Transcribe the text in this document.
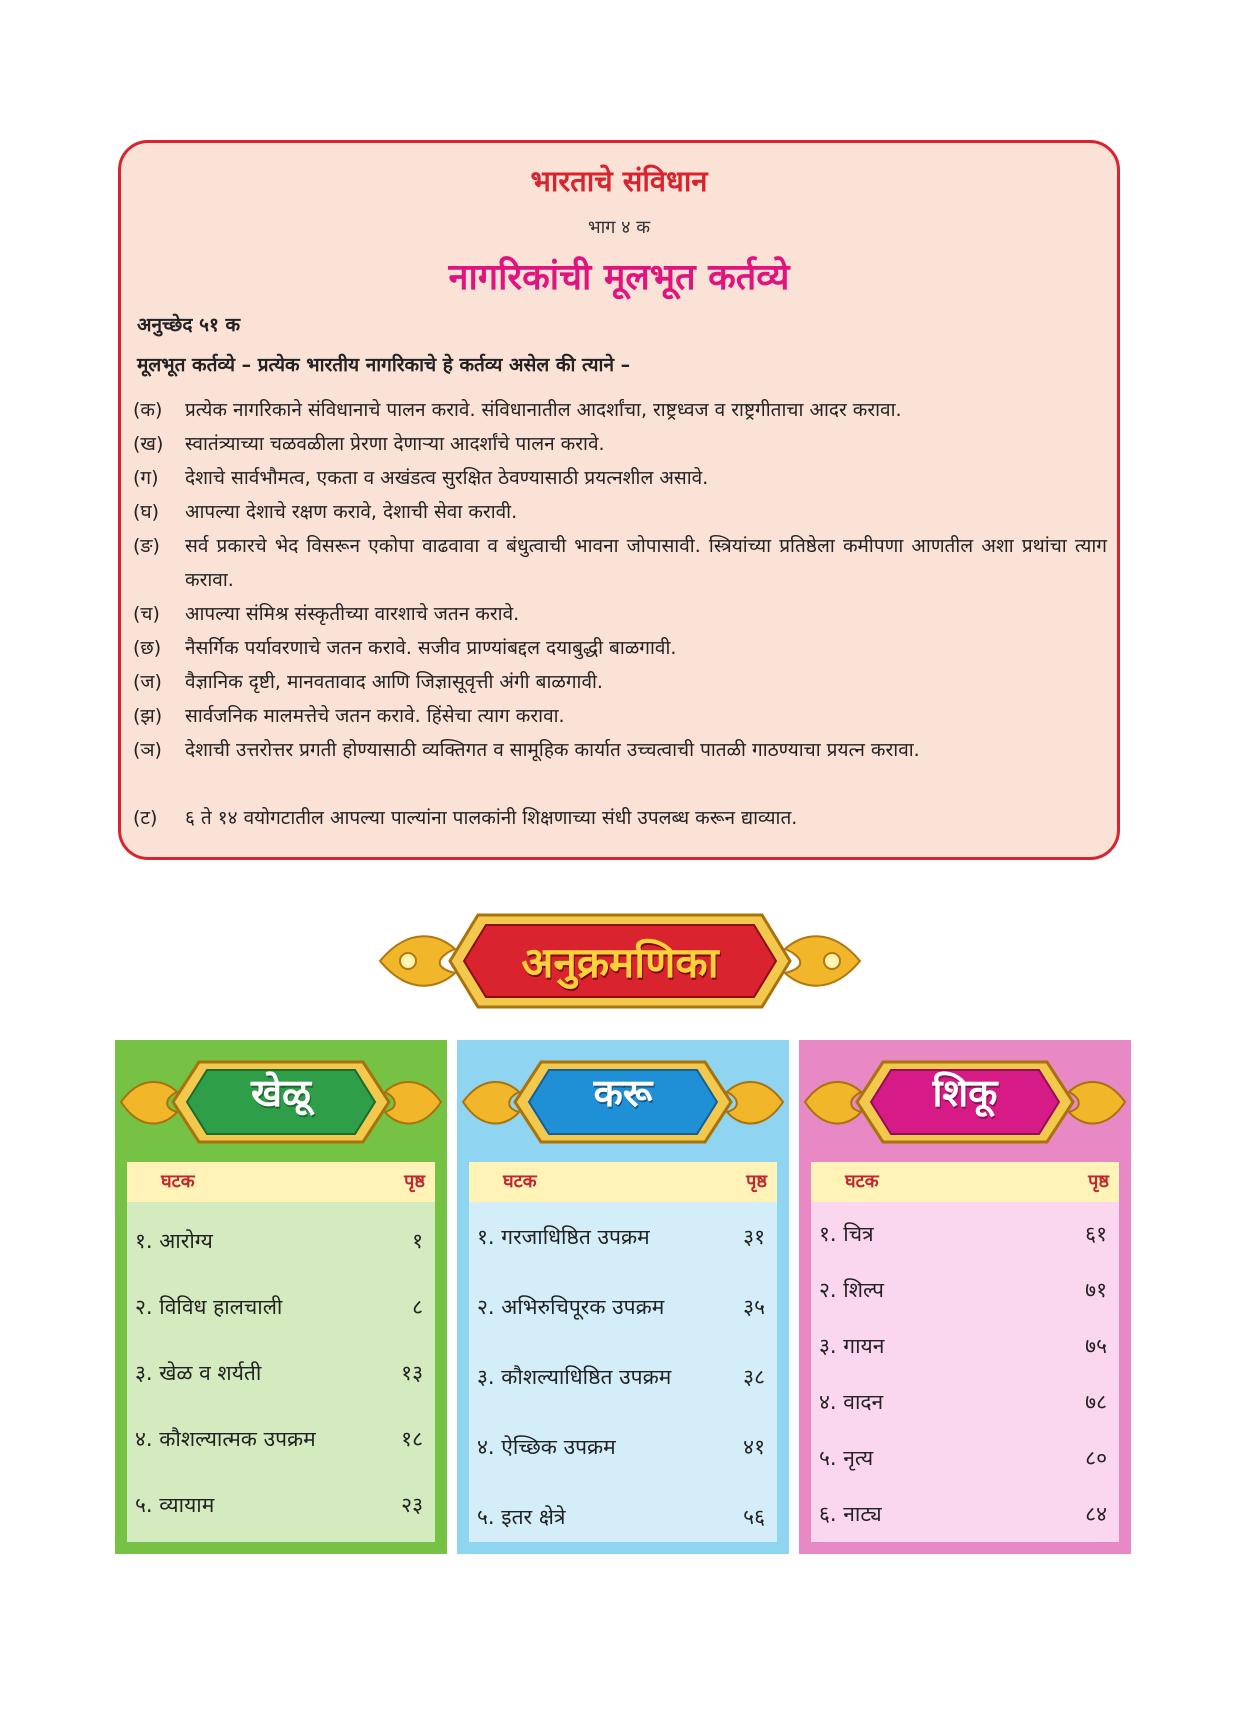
भारताचे संविधान
भाग ४ क
नागरिकांची मूलभूत कर्तव्ये
अनुच्छेद ५१ क
मूलभूत कर्तव्ये – प्रत्येक भारतीय नागरिकाचे हे कर्तव्य असेल की त्याने –
(क)	प्रत्येक नागरिकाने संविधानाचे पालन करावे. संविधानातील आदर्शांचा, राष्ट्रध्वज व राष्ट्रगीताचा आदर करावा.
(ख)	स्वातंत्र्याच्या चळवळीला प्रेरणा देणाऱ्या आदर्शांचे पालन करावे.
(ग)	देशाचे सार्वभौमत्व, एकता व अखंडत्व सुरक्षित ठेवण्यासाठी प्रयत्नशील असावे.
(घ)	आपल्या देशाचे रक्षण करावे, देशाची सेवा करावी.
(ङ)	सर्व प्रकारचे भेद विसरून एकोपा वाढवावा व बंधुत्वाची भावना जोपासावी. स्त्रियांच्या प्रतिष्ठेला कमीपणा आणतील अशा प्रथांचा त्याग करावा.
(च)	आपल्या संमिश्र संस्कृतीच्या वारशाचे जतन करावे.
(छ)	नैसर्गिक पर्यावरणाचे जतन करावे. सजीव प्राण्यांबद्दल दयाबुद्धी बाळगावी.
(ज)	वैज्ञानिक दृष्टी, मानवतावाद आणि जिज्ञासूवृत्ती अंगी बाळगावी.
(झ)	सार्वजनिक मालमत्तेचे जतन करावे. हिंसेचा त्याग करावा.
(ञ)	देशाची उत्तरोत्तर प्रगती होण्यासाठी व्यक्तिगत व सामूहिक कार्यात उच्चत्वाची पातळी गाठण्याचा प्रयत्न करावा.
(ट)	६ ते १४ वयोगटातील आपल्या पाल्यांना पालकांनी शिक्षणाच्या संधी उपलब्ध करून द्याव्यात.
अनुक्रमणिका
खेळू
घटक	पृष्ठ
१. आरोग्य	१
२. विविध हालचाली	८
३. खेळ व शर्यती	१३
४. कौशल्यात्मक उपक्रम	१८
५. व्यायाम	२३
करू
घटक	पृष्ठ
१. गरजाधिष्ठित उपक्रम	३१
२. अभिरुचिपूरक उपक्रम	३५
३. कौशल्याधिष्ठित उपक्रम	३८
४. ऐच्छिक उपक्रम	४१
५. इतर क्षेत्रे	५६
शिकू
घटक	पृष्ठ
१. चित्र	६१
२. शिल्प	७१
३. गायन	७५
४. वादन	७८
५. नृत्य	८०
६. नाट्य	८४
